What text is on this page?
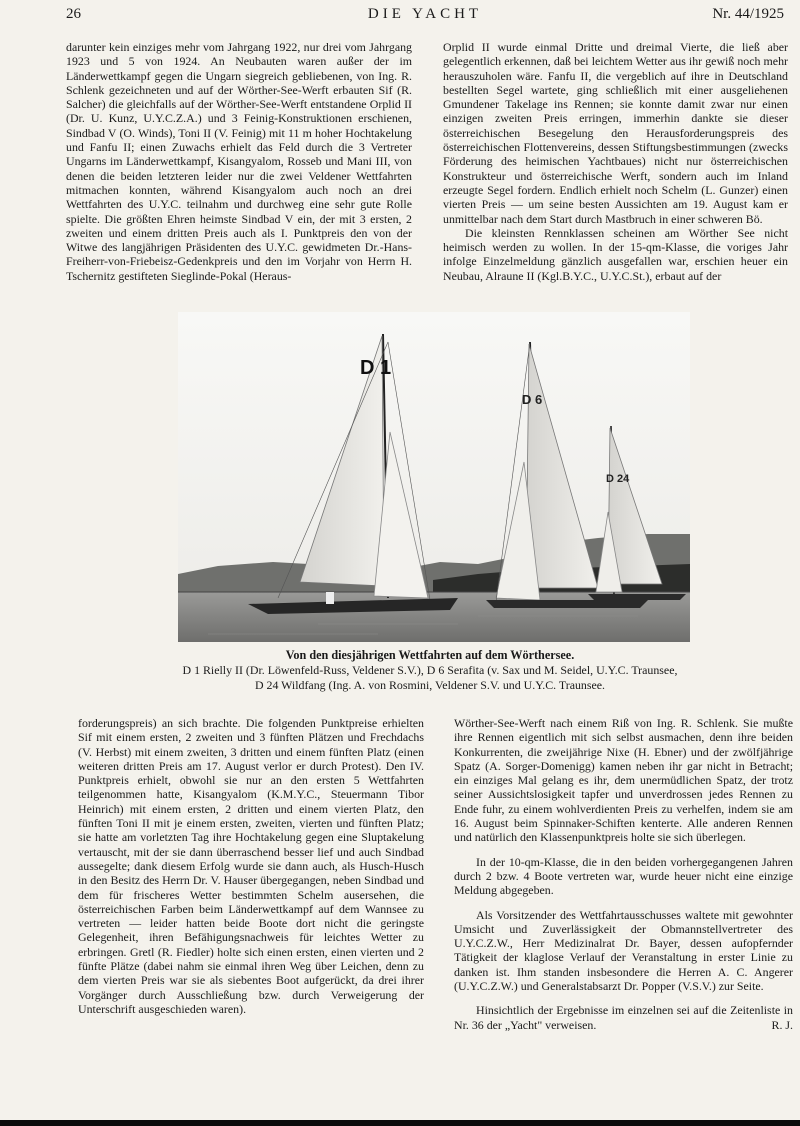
26	DIE YACHT	Nr. 44/1925

darunter kein einziges mehr vom Jahrgang 1922, nur drei vom Jahrgang 1923 und 5 von 1924. An Neubauten waren außer der im Länderwettkampf gegen die Ungarn siegreich gebliebenen, von Ing. R. Schlenk gezeichneten und auf der Wörther-See-Werft erbauten Sif (R. Salcher) die gleichfalls auf der Wörther-See-Werft entstandene Orplid II (Dr. U. Kunz, U.Y.C.Z.A.) und 3 Feinig-Konstruktionen erschienen, Sindbad V (O. Winds), Toni II (V. Feinig) mit 11 m hoher Hochtakelung und Fanfu II; einen Zuwachs erhielt das Feld durch die 3 Vertreter Ungarns im Länderwettkampf, Kisangyalom, Rosseb und Mani III, von denen die beiden letzteren leider nur die zwei Veldener Wettfahrten mitmachen konnten, während Kisangyalom auch noch an drei Wettfahrten des U.Y.C. teilnahm und durchweg eine sehr gute Rolle spielte. Die größten Ehren heimste Sindbad V ein, der mit 3 ersten, 2 zweiten und einem dritten Preis auch als I. Punktpreis den von der Witwe des langjährigen Präsidenten des U.Y.C. gewidmeten Dr.-Hans-Freiherr-von-Friebeisz-Gedenkpreis und den im Vorjahr von Herrn H. Tschernitz gestifteten Sieglinde-Pokal (Heraus-

Orplid II wurde einmal Dritte und dreimal Vierte, die ließ aber gelegentlich erkennen, daß bei leichtem Wetter aus ihr gewiß noch mehr herauszuholen wäre. Fanfu II, die vergeblich auf ihre in Deutschland bestellten Segel wartete, ging schließlich mit einer ausgeliehenen Gmundener Takelage ins Rennen; sie konnte damit zwar nur einen einzigen zweiten Preis erringen, immerhin dankte sie dieser österreichischen Besegelung den Herausforderungspreis des österreichischen Flottenvereins, dessen Stiftungsbestimmungen (zwecks Förderung des heimischen Yachtbaues) nicht nur österreichischen Konstrukteur und österreichische Werft, sondern auch im Inland erzeugte Segel fordern. Endlich erhielt noch Schelm (L. Gunzer) einen vierten Preis — um seine besten Aussichten am 19. August kam er unmittelbar nach dem Start durch Mastbruch in einer schweren Bö.

Die kleinsten Rennklassen scheinen am Wörther See nicht heimisch werden zu wollen. In der 15-qm-Klasse, die voriges Jahr infolge Einzelmeldung gänzlich ausgefallen war, erschien heuer ein Neubau, Alraune II (Kgl.B.Y.C., U.Y.C.St.), erbaut auf der

D 1
D 6
D 24
Von den diesjährigen Wettfahrten auf dem Wörthersee.
D 1 Rielly II (Dr. Löwenfeld-Russ, Veldener S.V.), D 6 Serafita (v. Sax und M. Seidel, U.Y.C. Traunsee,
D 24 Wildfang (Ing. A. von Rosmini, Veldener S.V. und U.Y.C. Traunsee.

forderungspreis) an sich brachte. Die folgenden Punktpreise erhielten Sif mit einem ersten, 2 zweiten und 3 fünften Plätzen und Frechdachs (V. Herbst) mit einem zweiten, 3 dritten und einem fünften Platz (einen weiteren dritten Preis am 17. August verlor er durch Protest). Den IV. Punktpreis erhielt, obwohl sie nur an den ersten 5 Wettfahrten teilgenommen hatte, Kisangyalom (K.M.Y.C., Steuermann Tibor Heinrich) mit einem ersten, 2 dritten und einem vierten Platz, den fünften Toni II mit je einem ersten, zweiten, vierten und fünften Platz; sie hatte am vorletzten Tag ihre Hochtakelung gegen eine Sluptakelung vertauscht, mit der sie dann überraschend besser lief und auch Sindbad aussegelte; dank diesem Erfolg wurde sie dann auch, als Husch-Husch in den Besitz des Herrn Dr. V. Hauser übergegangen, neben Sindbad und dem für frischeres Wetter bestimmten Schelm ausersehen, die österreichischen Farben beim Länderwettkampf auf dem Wannsee zu vertreten — leider hatten beide Boote dort nicht die geringste Gelegenheit, ihren Befähigungsnachweis für leichtes Wetter zu erbringen. Gretl (R. Fiedler) holte sich einen ersten, einen vierten und 2 fünfte Plätze (dabei nahm sie einmal ihren Weg über Leichen, denn zu dem vierten Preis war sie als siebentes Boot aufgerückt, da drei ihrer Vorgänger durch Ausschließung bzw. durch Verweigerung der Unterschrift ausgeschieden waren).

Wörther-See-Werft nach einem Riß von Ing. R. Schlenk. Sie mußte ihre Rennen eigentlich mit sich selbst ausmachen, denn ihre beiden Konkurrenten, die zweijährige Nixe (H. Ebner) und der zwölfjährige Spatz (A. Sorger-Domenigg) kamen neben ihr gar nicht in Betracht; ein einziges Mal gelang es ihr, dem unermüdlichen Spatz, der trotz seiner Aussichtslosigkeit tapfer und unverdrossen jedes Rennen zu Ende fuhr, zu einem wohlverdienten Preis zu verhelfen, indem sie am 16. August beim Spinnaker-Schiften kenterte. Alle anderen Rennen und natürlich den Klassenpunktpreis holte sie sich überlegen.

In der 10-qm-Klasse, die in den beiden vorhergegangenen Jahren durch 2 bzw. 4 Boote vertreten war, wurde heuer nicht eine einzige Meldung abgegeben.

Als Vorsitzender des Wettfahrtausschusses waltete mit gewohnter Umsicht und Zuverlässigkeit der Obmannstellvertreter des U.Y.C.Z.W., Herr Medizinalrat Dr. Bayer, dessen aufopfernder Tätigkeit der klaglose Verlauf der Veranstaltung in erster Linie zu danken ist. Ihm standen insbesondere die Herren A. C. Angerer (U.Y.C.Z.W.) und Generalstabsarzt Dr. Popper (V.S.V.) zur Seite.

Hinsichtlich der Ergebnisse im einzelnen sei auf die Zeitenliste in Nr. 36 der „Yacht" verweisen.	R. J.
